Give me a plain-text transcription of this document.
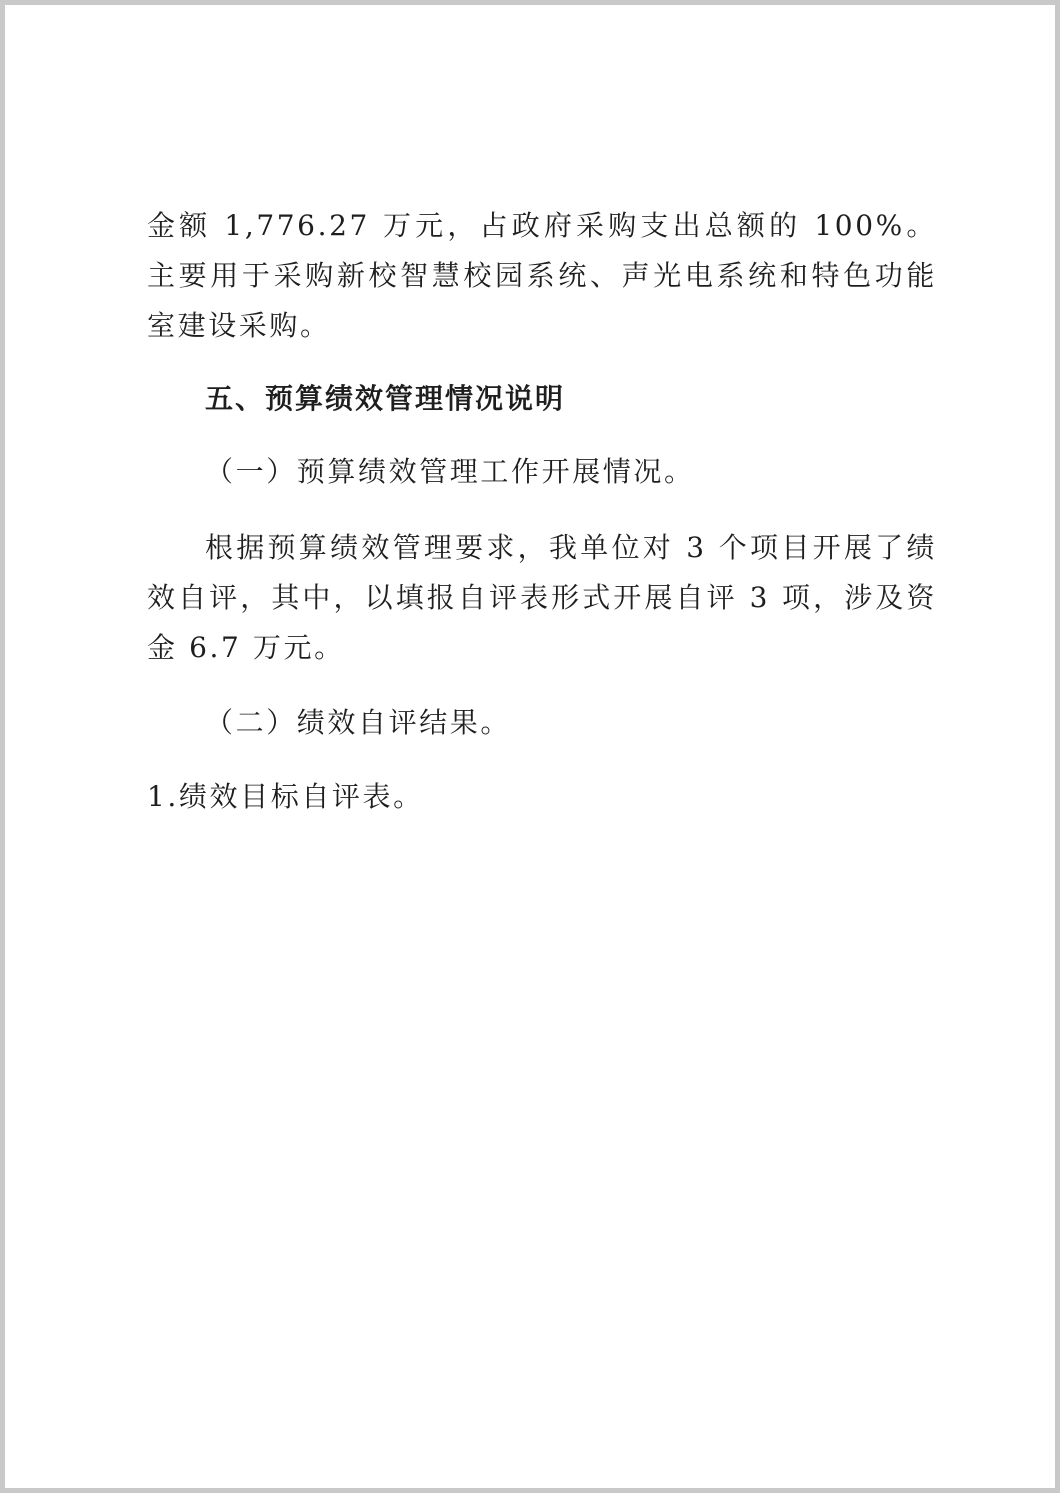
金额 1,776.27 万元，占政府采购支出总额的 100%。主要用于采购新校智慧校园系统、声光电系统和特色功能室建设采购。

五、预算绩效管理情况说明

（一）预算绩效管理工作开展情况。

根据预算绩效管理要求，我单位对 3 个项目开展了绩效自评，其中，以填报自评表形式开展自评 3 项，涉及资金 6.7 万元。

（二）绩效自评结果。

1.绩效目标自评表。
